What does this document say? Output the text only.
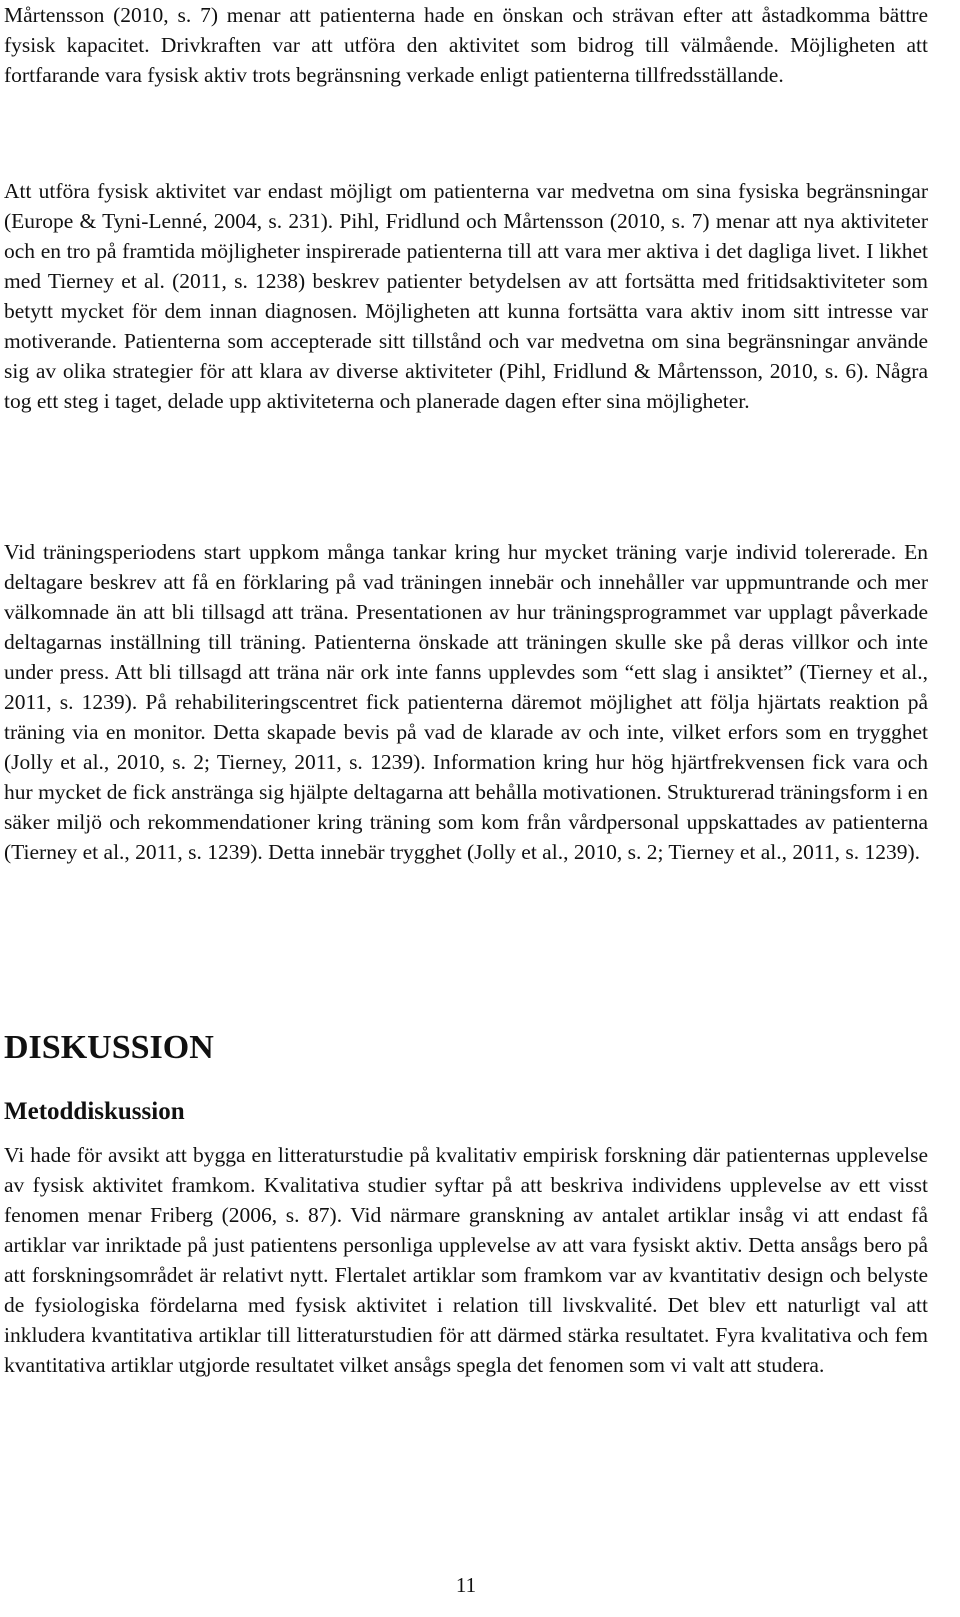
Mårtensson (2010, s. 7) menar att patienterna hade en önskan och strävan efter att åstadkomma bättre fysisk kapacitet. Drivkraften var att utföra den aktivitet som bidrog till välmående. Möjligheten att fortfarande vara fysisk aktiv trots begränsning verkade enligt patienterna tillfredsställande.

Att utföra fysisk aktivitet var endast möjligt om patienterna var medvetna om sina fysiska begränsningar (Europe & Tyni-Lenné, 2004, s. 231). Pihl, Fridlund och Mårtensson (2010, s. 7) menar att nya aktiviteter och en tro på framtida möjligheter inspirerade patienterna till att vara mer aktiva i det dagliga livet. I likhet med Tierney et al. (2011, s. 1238) beskrev patienter betydelsen av att fortsätta med fritidsaktiviteter som betytt mycket för dem innan diagnosen. Möjligheten att kunna fortsätta vara aktiv inom sitt intresse var motiverande. Patienterna som accepterade sitt tillstånd och var medvetna om sina begränsningar använde sig av olika strategier för att klara av diverse aktiviteter (Pihl, Fridlund & Mårtensson, 2010, s. 6). Några tog ett steg i taget, delade upp aktiviteterna och planerade dagen efter sina möjligheter.

Vid träningsperiodens start uppkom många tankar kring hur mycket träning varje individ tolererade. En deltagare beskrev att få en förklaring på vad träningen innebär och innehåller var uppmuntrande och mer välkomnade än att bli tillsagd att träna. Presentationen av hur träningsprogrammet var upplagt påverkade deltagarnas inställning till träning. Patienterna önskade att träningen skulle ske på deras villkor och inte under press. Att bli tillsagd att träna när ork inte fanns upplevdes som “ett slag i ansiktet” (Tierney et al., 2011, s. 1239). På rehabiliteringscentret fick patienterna däremot möjlighet att följa hjärtats reaktion på träning via en monitor. Detta skapade bevis på vad de klarade av och inte, vilket erfors som en trygghet (Jolly et al., 2010, s. 2; Tierney, 2011, s. 1239). Information kring hur hög hjärtfrekvensen fick vara och hur mycket de fick anstränga sig hjälpte deltagarna att behålla motivationen. Strukturerad träningsform i en säker miljö och rekommendationer kring träning som kom från vårdpersonal uppskattades av patienterna (Tierney et al., 2011, s. 1239). Detta innebär trygghet (Jolly et al., 2010, s. 2; Tierney et al., 2011, s. 1239).

DISKUSSION
Metoddiskussion

Vi hade för avsikt att bygga en litteraturstudie på kvalitativ empirisk forskning där patienternas upplevelse av fysisk aktivitet framkom. Kvalitativa studier syftar på att beskriva individens upplevelse av ett visst fenomen menar Friberg (2006, s. 87). Vid närmare granskning av antalet artiklar insåg vi att endast få artiklar var inriktade på just patientens personliga upplevelse av att vara fysiskt aktiv. Detta ansågs bero på att forskningsområdet är relativt nytt. Flertalet artiklar som framkom var av kvantitativ design och belyste de fysiologiska fördelarna med fysisk aktivitet i relation till livskvalité. Det blev ett naturligt val att inkludera kvantitativa artiklar till litteraturstudien för att därmed stärka resultatet. Fyra kvalitativa och fem kvantitativa artiklar utgjorde resultatet vilket ansågs spegla det fenomen som vi valt att studera.

11
